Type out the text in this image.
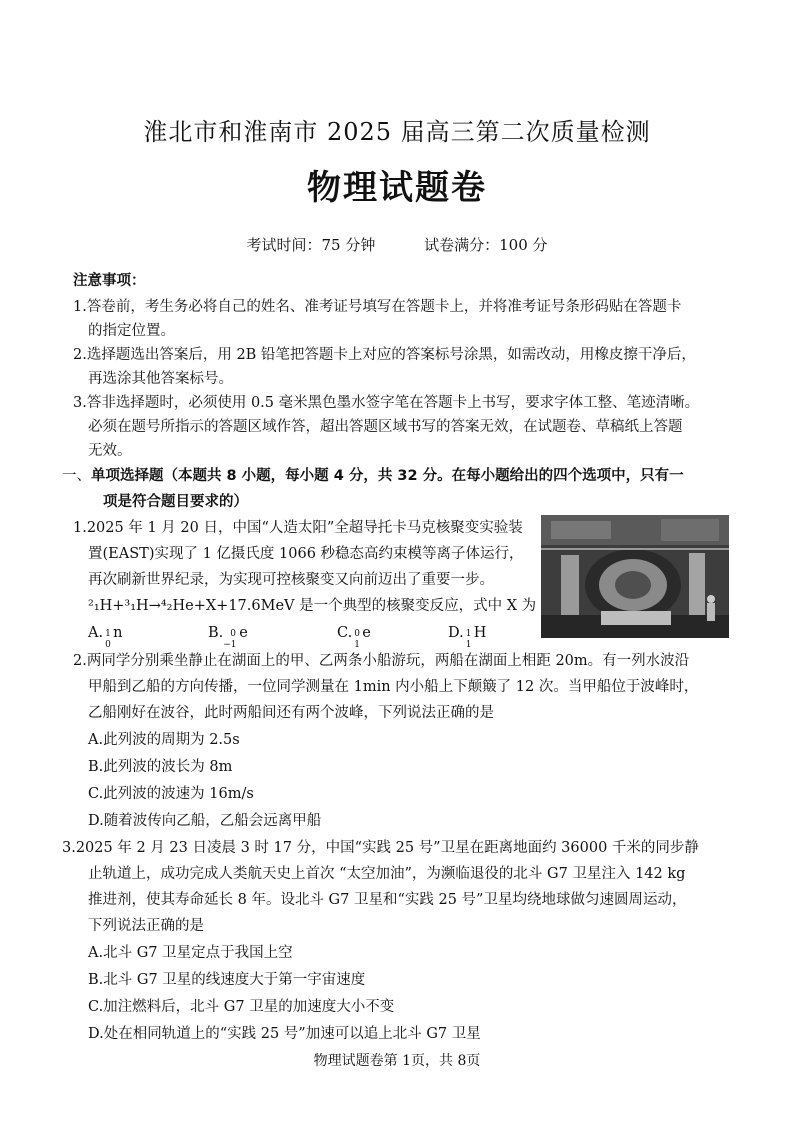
淮北市和淮南市 2025 届高三第二次质量检测
物理试题卷
考试时间：75 分钟	试卷满分：100 分
注意事项：
1.答卷前，考生务必将自己的姓名、准考证号填写在答题卡上，并将准考证号条形码贴在答题卡
的指定位置。
2.选择题选出答案后，用 2B 铅笔把答题卡上对应的答案标号涂黑，如需改动，用橡皮擦干净后，
再选涂其他答案标号。
3.答非选择题时，必须使用 0.5 毫米黑色墨水签字笔在答题卡上书写，要求字体工整、笔迹清晰。
必须在题号所指示的答题区域作答，超出答题区域书写的答案无效，在试题卷、草稿纸上答题
无效。
一、单项选择题（本题共 8 小题，每小题 4 分，共 32 分。在每小题给出的四个选项中，只有一
项是符合题目要求的）
1.2025 年 1 月 20 日，中国“人造太阳”全超导托卡马克核聚变实验装
置(EAST)实现了 1 亿摄氏度 1066 秒稳态高约束模等离子体运行，
再次刷新世界纪录，为实现可控核聚变又向前迈出了重要一步。
²₁H+³₁H→⁴₂He+X+17.6MeV 是一个典型的核聚变反应，式中 X 为
A. 1
0
n	B. 0
−1
e	C. 0
1
e	D. 1
1
H
2.两同学分别乘坐静止在湖面上的甲、乙两条小船游玩，两船在湖面上相距 20m。有一列水波沿
甲船到乙船的方向传播，一位同学测量在 1min 内小船上下颠簸了 12 次。当甲船位于波峰时，
乙船刚好在波谷，此时两船间还有两个波峰，下列说法正确的是
A.此列波的周期为 2.5s
B.此列波的波长为 8m
C.此列波的波速为 16m/s
D.随着波传向乙船，乙船会远离甲船
3.2025 年 2 月 23 日凌晨 3 时 17 分，中国“实践 25 号”卫星在距离地面约 36000 千米的同步静
止轨道上，成功完成人类航天史上首次 “太空加油”，为濒临退役的北斗 G7 卫星注入 142 kg
推进剂，使其寿命延长 8 年。设北斗 G7 卫星和“实践 25 号”卫星均绕地球做匀速圆周运动，
下列说法正确的是
A.北斗 G7 卫星定点于我国上空
B.北斗 G7 卫星的线速度大于第一宇宙速度
C.加注燃料后，北斗 G7 卫星的加速度大小不变
D.处在相同轨道上的“实践 25 号”加速可以追上北斗 G7 卫星
物理试题卷第 1页，共 8页
